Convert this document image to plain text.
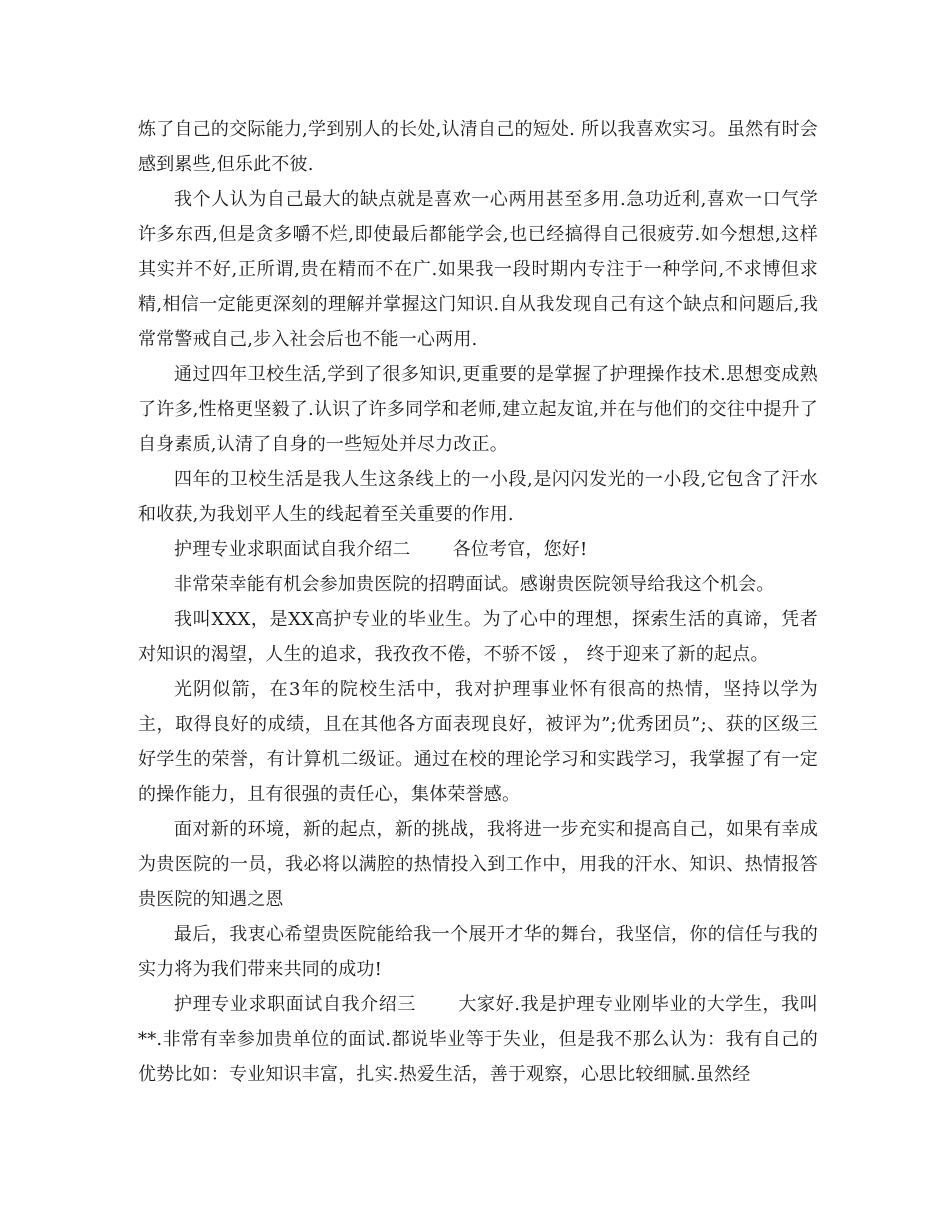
炼了自己的交际能力,学到别人的长处,认清自己的短处. 所以我喜欢实习。虽然有时会感到累些,但乐此不彼.

我个人认为自己最大的缺点就是喜欢一心两用甚至多用.急功近利,喜欢一口气学许多东西,但是贪多嚼不烂,即使最后都能学会,也已经搞得自己很疲劳.如今想想,这样其实并不好,正所谓,贵在精而不在广.如果我一段时期内专注于一种学问,不求博但求精,相信一定能更深刻的理解并掌握这门知识.自从我发现自己有这个缺点和问题后,我常常警戒自己,步入社会后也不能一心两用.

通过四年卫校生活,学到了很多知识,更重要的是掌握了护理操作技术.思想变成熟了许多,性格更坚毅了.认识了许多同学和老师,建立起友谊,并在与他们的交往中提升了自身素质,认清了自身的一些短处并尽力改正。

四年的卫校生活是我人生这条线上的一小段,是闪闪发光的一小段,它包含了汗水和收获,为我划平人生的线起着至关重要的作用.

护理专业求职面试自我介绍二 各位考官，您好!

非常荣幸能有机会参加贵医院的招聘面试。感谢贵医院领导给我这个机会。

我叫XXX，是XX高护专业的毕业生。为了心中的理想，探索生活的真谛，凭者对知识的渴望，人生的追求，我孜孜不倦，不骄不馁 ， 终于迎来了新的起点。

光阴似箭，在3年的院校生活中，我对护理事业怀有很高的热情，坚持以学为主，取得良好的成绩，且在其他各方面表现良好，被评为”;优秀团员”;、获的区级三好学生的荣誉，有计算机二级证。通过在校的理论学习和实践学习，我掌握了有一定的操作能力，且有很强的责任心，集体荣誉感。

面对新的环境，新的起点，新的挑战，我将进一步充实和提高自己，如果有幸成为贵医院的一员，我必将以满腔的热情投入到工作中，用我的汗水、知识、热情报答贵医院的知遇之恩

最后，我衷心希望贵医院能给我一个展开才华的舞台，我坚信，你的信任与我的实力将为我们带来共同的成功!

护理专业求职面试自我介绍三 大家好.我是护理专业刚毕业的大学生，我叫**.非常有幸参加贵单位的面试.都说毕业等于失业，但是我不那么认为：我有自己的优势比如：专业知识丰富，扎实.热爱生活，善于观察，心思比较细腻.虽然经
